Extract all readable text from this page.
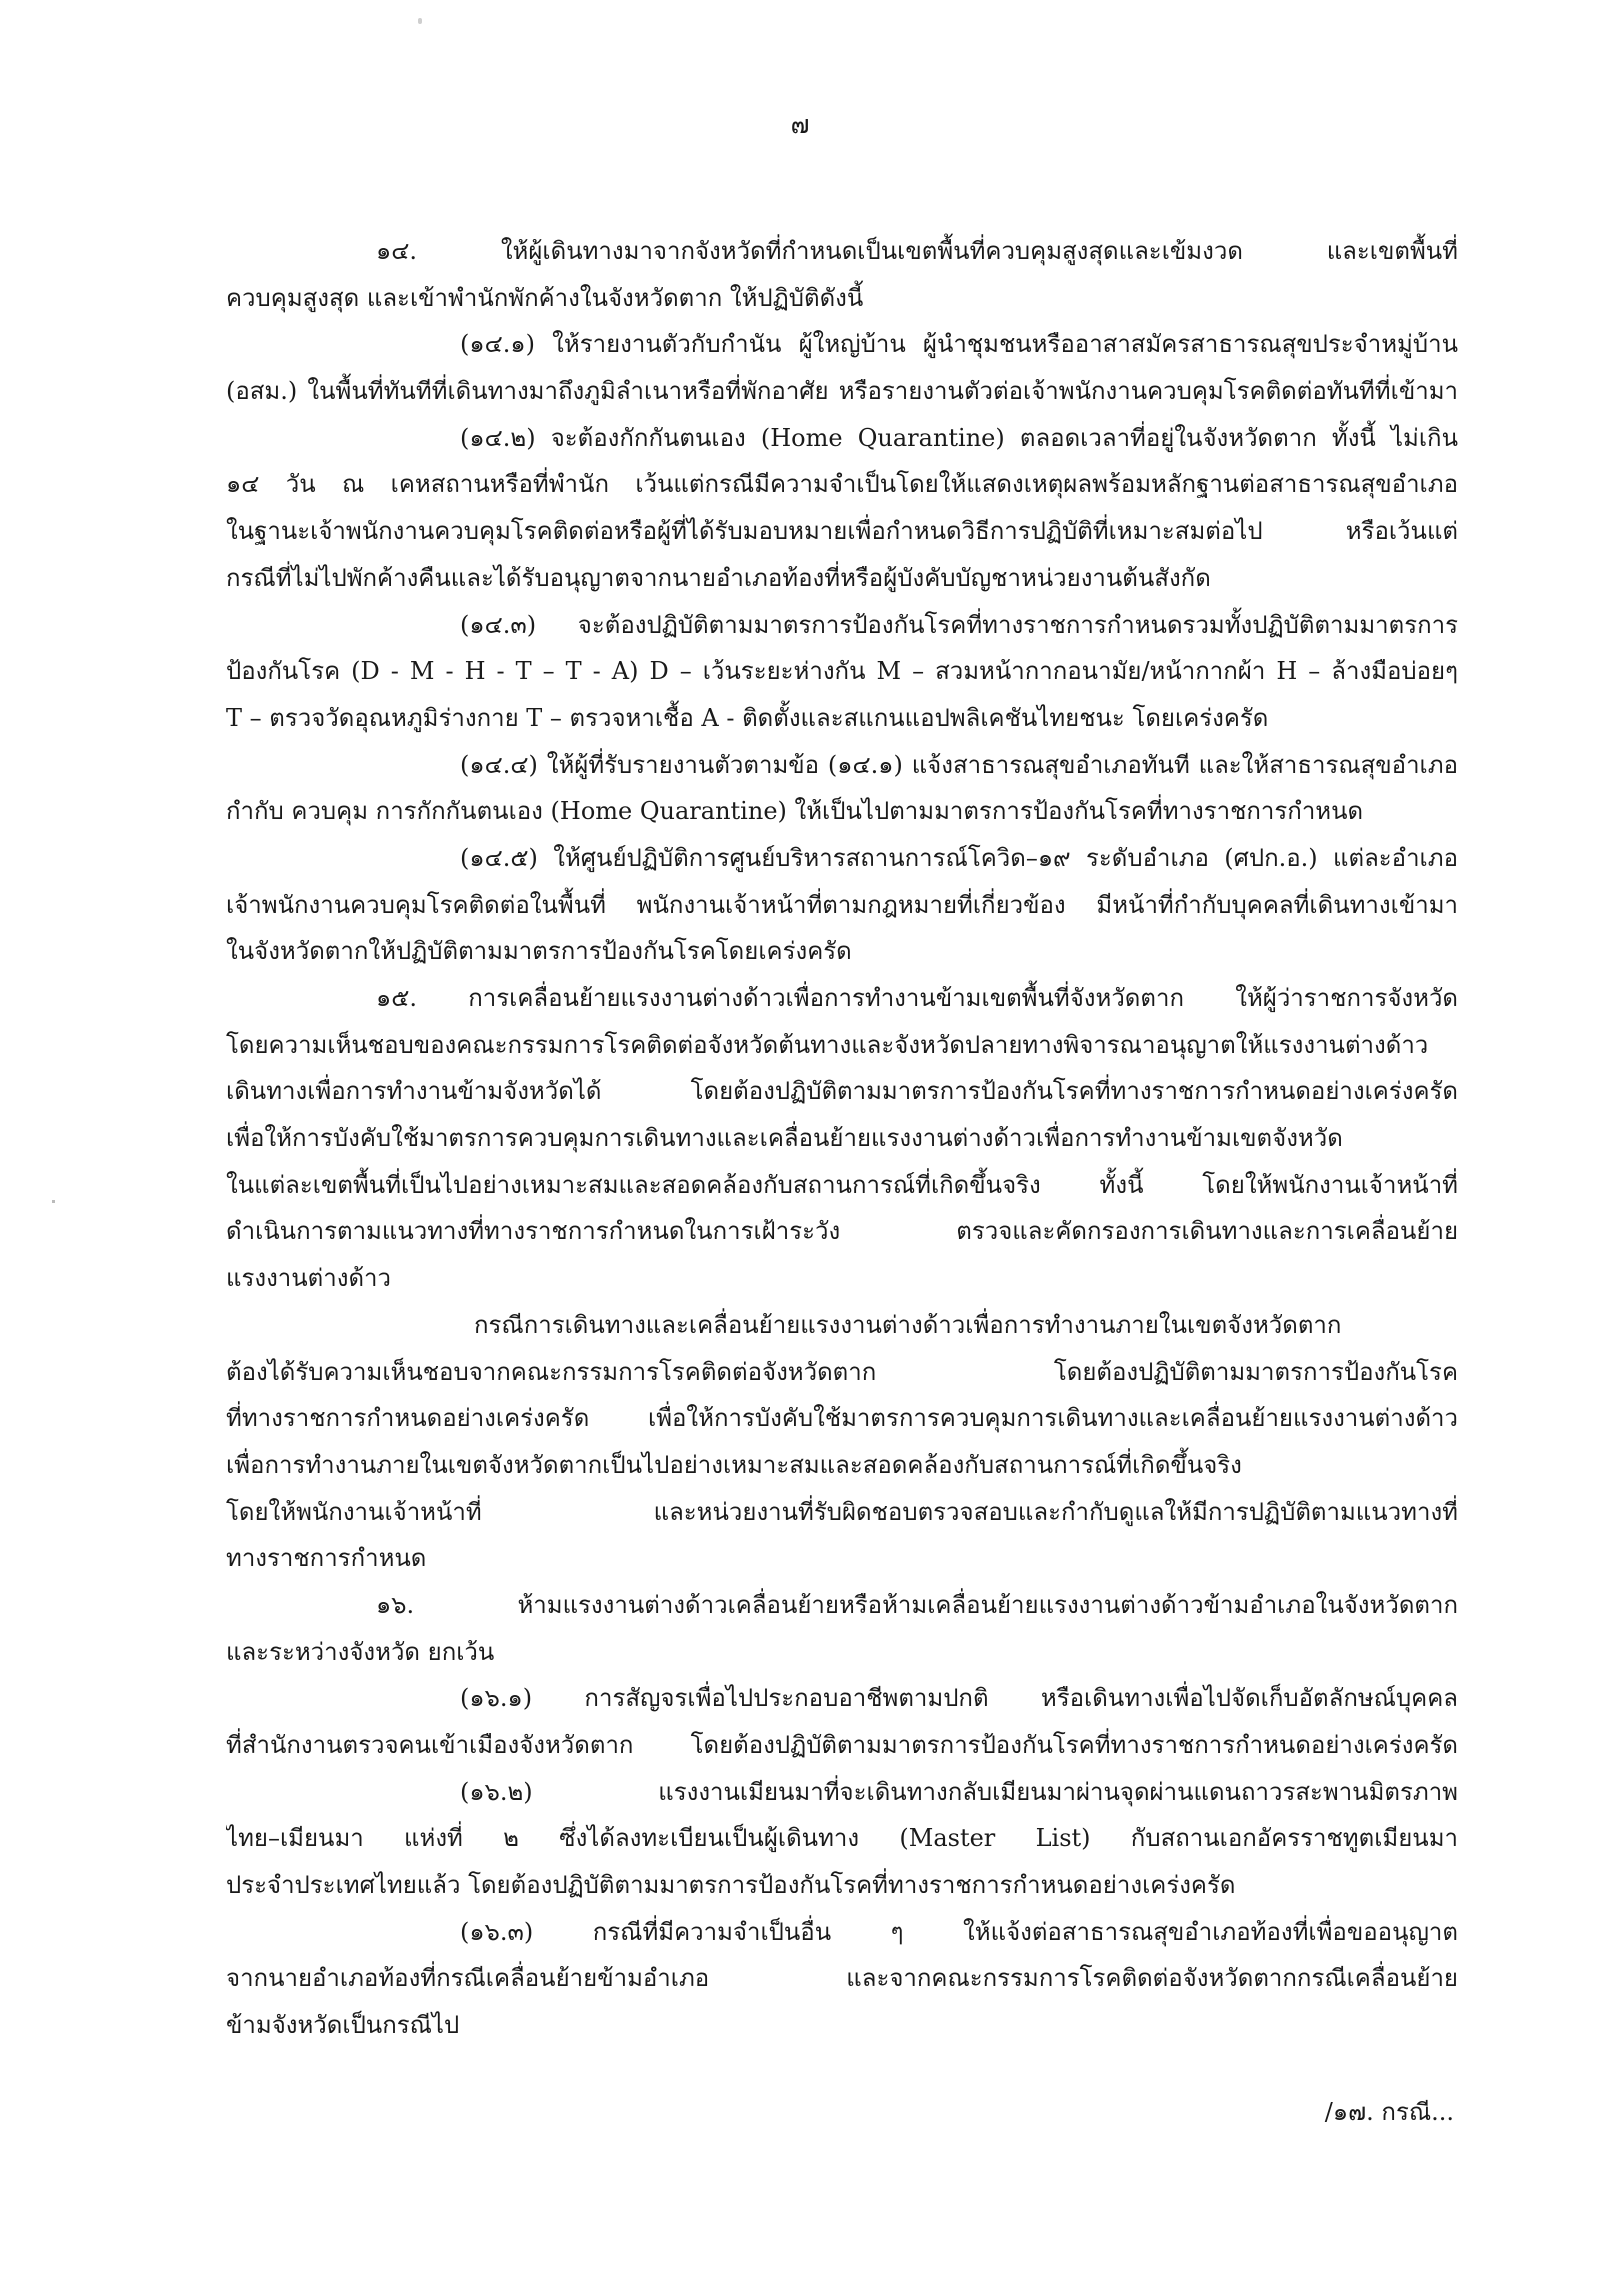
๗
๑๔. ให้ผู้เดินทางมาจากจังหวัดที่กำหนดเป็นเขตพื้นที่ควบคุมสูงสุดและเข้มงวด และเขตพื้นที่
ควบคุมสูงสุด และเข้าพำนักพักค้างในจังหวัดตาก ให้ปฏิบัติดังนี้
(๑๔.๑) ให้รายงานตัวกับกำนัน ผู้ใหญ่บ้าน ผู้นำชุมชนหรืออาสาสมัครสาธารณสุขประจำหมู่บ้าน
(อสม.) ในพื้นที่ทันทีที่เดินทางมาถึงภูมิลำเนาหรือที่พักอาศัย หรือรายงานตัวต่อเจ้าพนักงานควบคุมโรคติดต่อทันทีที่เข้ามา
(๑๔.๒) จะต้องกักกันตนเอง (Home Quarantine) ตลอดเวลาที่อยู่ในจังหวัดตาก ทั้งนี้ ไม่เกิน
๑๔ วัน ณ เคหสถานหรือที่พำนัก เว้นแต่กรณีมีความจำเป็นโดยให้แสดงเหตุผลพร้อมหลักฐานต่อสาธารณสุขอำเภอ
ในฐานะเจ้าพนักงานควบคุมโรคติดต่อหรือผู้ที่ได้รับมอบหมายเพื่อกำหนดวิธีการปฏิบัติที่เหมาะสมต่อไป หรือเว้นแต่
กรณีที่ไม่ไปพักค้างคืนและได้รับอนุญาตจากนายอำเภอท้องที่หรือผู้บังคับบัญชาหน่วยงานต้นสังกัด
(๑๔.๓) จะต้องปฏิบัติตามมาตรการป้องกันโรคที่ทางราชการกำหนดรวมทั้งปฏิบัติตามมาตรการ
ป้องกันโรค (D - M - H - T – T - A) D – เว้นระยะห่างกัน M – สวมหน้ากากอนามัย/หน้ากากผ้า H – ล้างมือบ่อยๆ
T – ตรวจวัดอุณหภูมิร่างกาย T – ตรวจหาเชื้อ A - ติดตั้งและสแกนแอปพลิเคชันไทยชนะ โดยเคร่งครัด
(๑๔.๔) ให้ผู้ที่รับรายงานตัวตามข้อ (๑๔.๑) แจ้งสาธารณสุขอำเภอทันที และให้สาธารณสุขอำเภอ
กำกับ ควบคุม การกักกันตนเอง (Home Quarantine) ให้เป็นไปตามมาตรการป้องกันโรคที่ทางราชการกำหนด
(๑๔.๕) ให้ศูนย์ปฏิบัติการศูนย์บริหารสถานการณ์โควิด–๑๙ ระดับอำเภอ (ศปก.อ.) แต่ละอำเภอ
เจ้าพนักงานควบคุมโรคติดต่อในพื้นที่ พนักงานเจ้าหน้าที่ตามกฎหมายที่เกี่ยวข้อง มีหน้าที่กำกับบุคคลที่เดินทางเข้ามา
ในจังหวัดตากให้ปฏิบัติตามมาตรการป้องกันโรคโดยเคร่งครัด
๑๕. การเคลื่อนย้ายแรงงานต่างด้าวเพื่อการทำงานข้ามเขตพื้นที่จังหวัดตาก ให้ผู้ว่าราชการจังหวัด
โดยความเห็นชอบของคณะกรรมการโรคติดต่อจังหวัดต้นทางและจังหวัดปลายทางพิจารณาอนุญาตให้แรงงานต่างด้าว
เดินทางเพื่อการทำงานข้ามจังหวัดได้ โดยต้องปฏิบัติตามมาตรการป้องกันโรคที่ทางราชการกำหนดอย่างเคร่งครัด
เพื่อให้การบังคับใช้มาตรการควบคุมการเดินทางและเคลื่อนย้ายแรงงานต่างด้าวเพื่อการทำงานข้ามเขตจังหวัด
ในแต่ละเขตพื้นที่เป็นไปอย่างเหมาะสมและสอดคล้องกับสถานการณ์ที่เกิดขึ้นจริง ทั้งนี้ โดยให้พนักงานเจ้าหน้าที่
ดำเนินการตามแนวทางที่ทางราชการกำหนดในการเฝ้าระวัง ตรวจและคัดกรองการเดินทางและการเคลื่อนย้าย
แรงงานต่างด้าว
กรณีการเดินทางและเคลื่อนย้ายแรงงานต่างด้าวเพื่อการทำงานภายในเขตจังหวัดตาก
ต้องได้รับความเห็นชอบจากคณะกรรมการโรคติดต่อจังหวัดตาก โดยต้องปฏิบัติตามมาตรการป้องกันโรค
ที่ทางราชการกำหนดอย่างเคร่งครัด เพื่อให้การบังคับใช้มาตรการควบคุมการเดินทางและเคลื่อนย้ายแรงงานต่างด้าว
เพื่อการทำงานภายในเขตจังหวัดตากเป็นไปอย่างเหมาะสมและสอดคล้องกับสถานการณ์ที่เกิดขึ้นจริง
โดยให้พนักงานเจ้าหน้าที่ และหน่วยงานที่รับผิดชอบตรวจสอบและกำกับดูแลให้มีการปฏิบัติตามแนวทางที่
ทางราชการกำหนด
๑๖. ห้ามแรงงานต่างด้าวเคลื่อนย้ายหรือห้ามเคลื่อนย้ายแรงงานต่างด้าวข้ามอำเภอในจังหวัดตาก
และระหว่างจังหวัด ยกเว้น
(๑๖.๑) การสัญจรเพื่อไปประกอบอาชีพตามปกติ หรือเดินทางเพื่อไปจัดเก็บอัตลักษณ์บุคคล
ที่สำนักงานตรวจคนเข้าเมืองจังหวัดตาก โดยต้องปฏิบัติตามมาตรการป้องกันโรคที่ทางราชการกำหนดอย่างเคร่งครัด
(๑๖.๒) แรงงานเมียนมาที่จะเดินทางกลับเมียนมาผ่านจุดผ่านแดนถาวรสะพานมิตรภาพ
ไทย–เมียนมา แห่งที่ ๒ ซึ่งได้ลงทะเบียนเป็นผู้เดินทาง (Master List) กับสถานเอกอัครราชทูตเมียนมา
ประจำประเทศไทยแล้ว โดยต้องปฏิบัติตามมาตรการป้องกันโรคที่ทางราชการกำหนดอย่างเคร่งครัด
(๑๖.๓) กรณีที่มีความจำเป็นอื่น ๆ ให้แจ้งต่อสาธารณสุขอำเภอท้องที่เพื่อขออนุญาต
จากนายอำเภอท้องที่กรณีเคลื่อนย้ายข้ามอำเภอ และจากคณะกรรมการโรคติดต่อจังหวัดตากกรณีเคลื่อนย้าย
ข้ามจังหวัดเป็นกรณีไป
/๑๗. กรณี...
